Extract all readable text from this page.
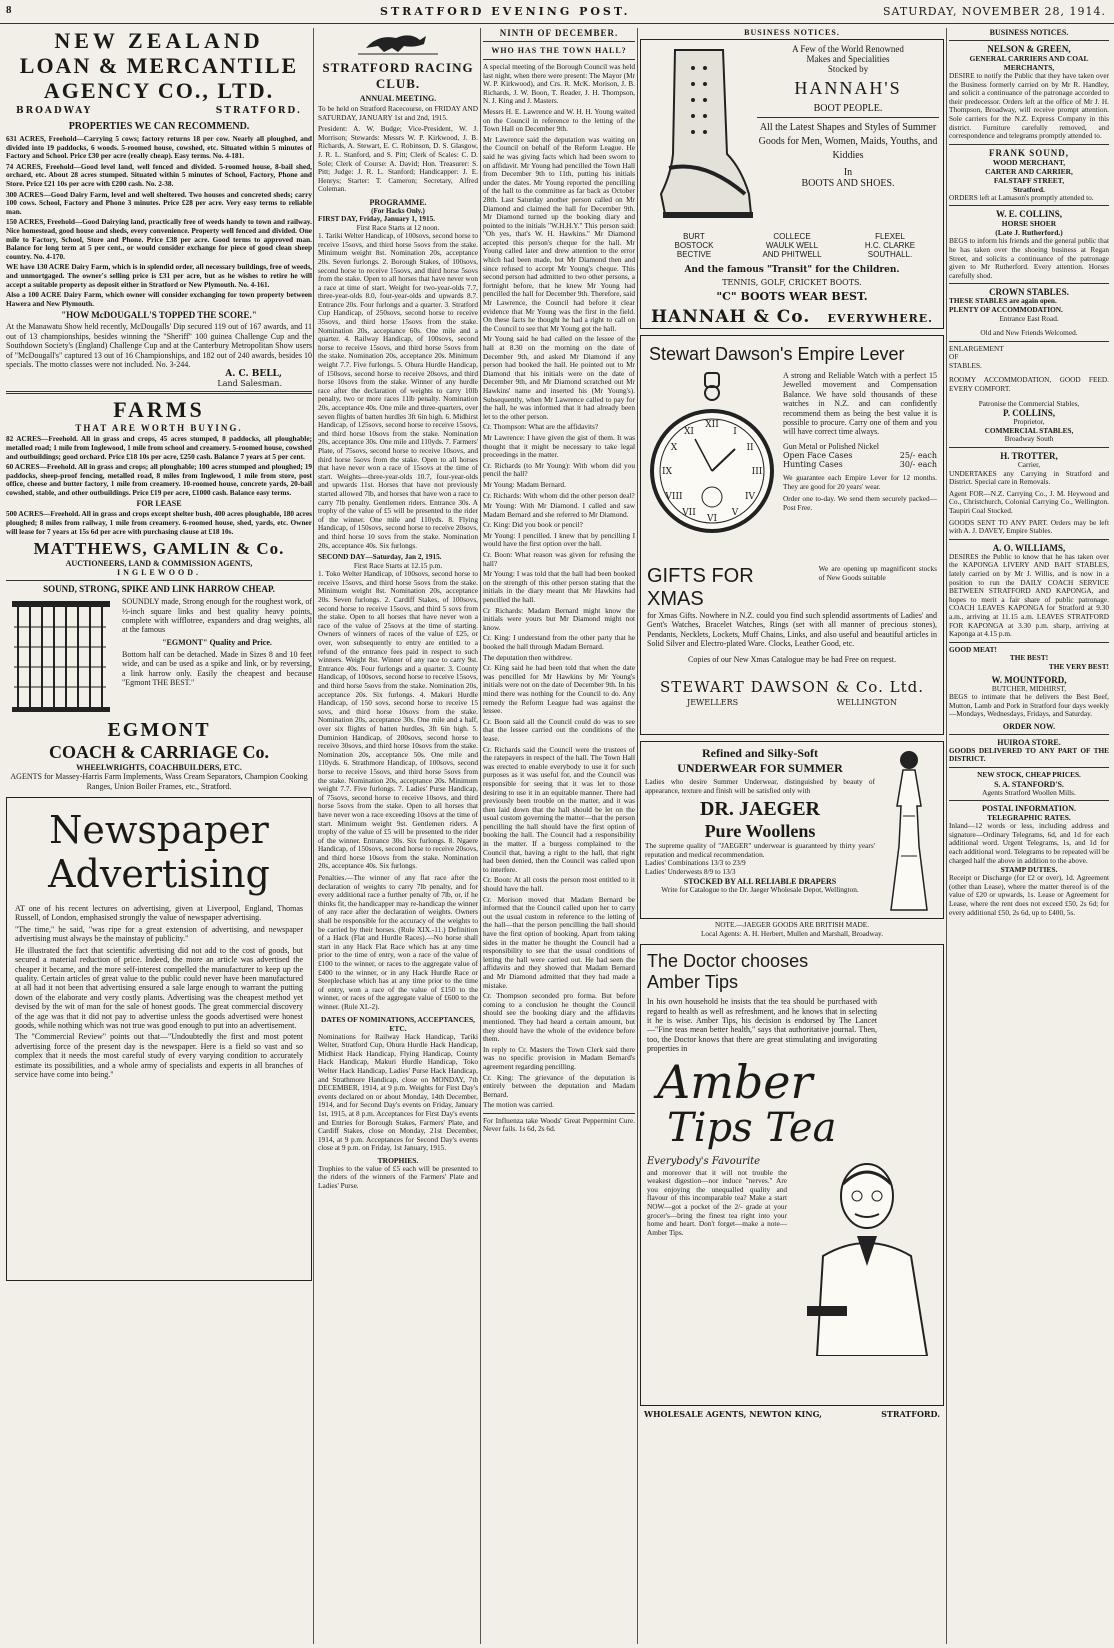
8	STRATFORD EVENING POST.	SATURDAY, NOVEMBER 28, 1914.
NEW ZEALAND
LOAN & MERCANTILE
AGENCY CO., LTD.
BROADWAY	STRATFORD.
PROPERTIES WE CAN RECOMMEND.

631 ACRES, Freehold—Carrying 5 cows; factory returns 18 per cow. Nearly all ploughed, and divided into 19 paddocks, 6 woods. 5-roomed house, cowshed, etc. Situated within 5 minutes of Factory and School. Price £30 per acre (really cheap). Easy terms. No. 4-181.

74 ACRES, Freehold—Good level land, well fenced and divided. 5-roomed house, 8-bail shed, orchard, etc. About 28 acres stumped. Situated within 5 minutes of School, Factory, Phone and Store. Price £21 10s per acre with £200 cash. No. 2-38.

300 ACRES—Good Dairy Farm, level and well sheltered. Two houses and concreted sheds; carry 100 cows. School, Factory and Phone 3 minutes. Price £28 per acre. Very easy terms to reliable man.

150 ACRES, Freehold—Good Dairying land, practically free of weeds handy to town and railway. Nice homestead, good house and sheds, every convenience. Property well fenced and divided. One mile to Factory, School, Store and Phone. Price £38 per acre. Good terms to approved man. Balance for long term at 5 per cent., or would consider exchange for piece of good clean sheep country. No. 4-170.

WE have 130 ACRE Dairy Farm, which is in splendid order, all necessary buildings, free of weeds, and unmortgaged. The owner's selling price is £31 per acre, but as he wishes to retire he will accept a suitable property as deposit either in Stratford or New Plymouth. No. 4-161.

Also a 100 ACRE Dairy Farm, which owner will consider exchanging for town property between Hawera and New Plymouth.

"HOW McDOUGALL'S TOPPED THE SCORE."

At the Manawatu Show held recently, McDougalls' Dip secured 119 out of 167 awards, and 11 out of 13 championships, besides winning the "Sheriff" 100 guinea Challenge Cup and the Southdown Society's (England) Challenge Cup and at the Canterbury Metropolitan Show users of "McDougall's" captured 13 out of 16 Championships, and 182 out of 240 awards, besides 10 specials. The motto classes were not included. No. 3-244.

A. C. BELL,
Land Salesman.
FARMS
THAT ARE WORTH BUYING.

82 ACRES—Freehold. All in grass and crops, 45 acres stumped, 8 paddocks, all ploughable; metalled road; 1 mile from Inglewood, 1 mile from school and creamery. 5-roomed house, cowshed and outbuildings; good orchard. Price £18 10s per acre, £250 cash. Balance 7 years at 5 per cent.

60 ACRES—Freehold. All in grass and crops; all ploughable; 100 acres stumped and ploughed; 19 paddocks, sheep-proof fencing, metalled road, 8 miles from Inglewood, 1 mile from store, post office, cheese and butter factory, 1 mile from creamery. 10-roomed house, concrete yards, 20-bail cowshed, stable, and other outbuildings. Price £19 per acre, £1000 cash. Balance easy terms.

FOR LEASE

500 ACRES—Freehold. All in grass and crops except shelter bush, 400 acres ploughable, 180 acres ploughed; 8 miles from railway, 1 mile from creamery. 6-roomed house, shed, yards, etc. Owner will lease for 7 years at 15s 6d per acre with purchasing clause at £18 10s.

MATTHEWS, GAMLIN & Co.
AUCTIONEERS, LAND & COMMISSION AGENTS,
INGLEWOOD.
SOUND, STRONG, SPIKE AND LINK HARROW CHEAP.

SOUNDLY made, Strong enough for the roughest work, of ½-inch square links and best quality heavy points, complete with wifflotree, expanders and drag weights, all at the famous

"EGMONT" Quality and Price.

Bottom half can be detached. Made in Sizes 8 and 10 feet wide, and can be used as a spike and link, or by reversing, a link harrow only. Easily the cheapest and because "Egmont THE BEST."

EGMONT
COACH & CARRIAGE Co.
WHEELWRIGHTS, COACHBUILDERS, ETC.

AGENTS for Massey-Harris Farm Implements, Wass Cream Separators, Champion Cooking Ranges, Union Boiler Frames, etc., Stratford.

Newspaper
Advertising

AT one of his recent lectures on advertising, given at Liverpool, England, Thomas Russell, of London, emphasised strongly the value of newspaper advertising.

"The time," he said, "was ripe for a great extension of advertising, and newspaper advertising must always be the mainstay of publicity."

He illustrated the fact that scientific advertising did not add to the cost of goods, but secured a material reduction of price. Indeed, the more an article was advertised the cheaper it became, and the more self-interest compelled the manufacturer to keep up the quality. Certain articles of great value to the public could never have been manufactured at all had it not been that advertising ensured a sale large enough to warrant the putting down of the elaborate and very costly plants. Advertising was the cheapest method yet devised by the wit of man for the sale of honest goods. The great commercial discovery of the age was that it did not pay to advertise unless the goods advertised were honest goods, while nothing which was not true was good enough to put into an advertisement.

The "Commercial Review" points out that—"Undoubtedly the first and most potent advertising force of the present day is the newspaper. Here is a field so vast and so complex that it needs the most careful study of every varying condition to accurately estimate its possibilities, and a whole army of specialists and experts in all branches of service have come into being."

STRATFORD RACING CLUB.
ANNUAL MEETING.

To be held on Stratford Racecourse, on FRIDAY AND SATURDAY, JANUARY 1st and 2nd, 1915.

President: A. W. Budge; Vice-President, W. J. Morrison; Stewards: Messrs W. P. Kirkwood, J. B. Richards, A. Stewart, E. C. Robinson, D. S. Glasgow, J. R. L. Stanford, and S. Pitt; Clerk of Scales: C. D. Sole; Clerk of Course: A. David; Hon. Treasurer: S. Pitt; Judge: J. R. L. Stanford; Handicapper: J. E. Henrys; Starter: T. Cameron; Secretary, Alfred Coleman.

PROGRAMME.
(For Hacks Only.)

FIRST DAY, Friday, January 1, 1915.

First Race Starts at 12 noon.

1. Tariki Welter Handicap, of 100sovs, second horse to receive 15sovs, and third horse 5sovs from the stake. Minimum weight 8st. Nomination 20s, acceptance 20s. Seven furlongs. 2. Borough Stakes, of 100sovs, second horse to receive 15sovs, and third horse 5sovs from the stake. Open to all horses that have never won a race at time of start. Weight for two-year-olds 7.7, three-year-olds 8.0, four-year-olds and upwards 8.7. Entrance 20s. Four furlongs and a quarter. 3. Stratford Cup Handicap, of 250sovs, second horse to receive 35sovs, and third horse 15sovs from the stake. Nomination 20s, acceptance 60s. One mile and a quarter. 4. Railway Handicap, of 100sovs, second horse to receive 15sovs, and third horse 5sovs from the stake. Nomination 20s, acceptance 20s. Minimum weight 7.7. Five furlongs. 5. Ohura Hurdle Handicap, of 150sovs, second horse to receive 20sovs, and third horse 10sovs from the stake. Winner of any hurdle race after the declaration of weights to carry 10lb penalty, two or more races 11lb penalty. Nomination 20s, acceptance 40s. One mile and three-quarters, over seven flights of batten hurdles 3ft 6in high. 6. Midhirst Handicap, of 125sovs, second horse to receive 15sovs, and third horse 10sovs from the stake. Nomination 20s, acceptance 30s. One mile and 110yds. 7. Farmers' Plate, of 75sovs, second horse to receive 10sovs, and third horse 5sovs from the stake. Open to all horses that have never won a race of 15sovs at the time of start. Weights—three-year-olds 10.7, four-year-olds and upwards 11st. Horses that have not previously started allowed 7lb, and horses that have won a race to carry 7lb penalty. Gentlemen riders. Entrance 30s. A trophy of the value of £5 will be presented to the rider of the winner. One mile and 110yds. 8. Flying Handicap, of 150sovs, second horse to receive 20sovs, and third horse 10 sovs from the stake. Nomination 20s, acceptance 40s. Six furlongs.

SECOND DAY—Saturday, Jan 2, 1915.

First Race Starts at 12.15 p.m.

1. Toko Welter Handicap, of 100sovs, second horse to receive 15sovs, and third horse 5sovs from the stake. Minimum weight 8st. Nomination 20s, acceptance 20s. Seven furlongs. 2. Cardiff Stakes, of 100sovs, second horse to receive 15sovs, and third 5 sovs from the stake. Open to all horses that have never won a race of the value of 25sovs at the time of starting. Owners of winners of races of the value of £25, or over, won subsequently to entry are entitled to a refund of the entrance fees paid in respect to such winners. Weight 8st. Winner of any race to carry 9st. Entrance 40s. Four furlongs and a quarter. 3. County Handicap, of 100sovs, second horse to receive 15sovs, and third horse 5sovs from the stake. Nomination 20s, acceptance 20s. Six furlongs. 4. Makuri Hurdle Handicap, of 150 sovs, second horse to receive 15 sovs, and third horse 10sovs from the stake. Nomination 20s, acceptance 30s. One mile and a half, over six flights of batten hurdles, 3ft 6in high. 5. Duminion Handicap, of 200sovs, second horse to receive 30sovs, and third horse 10sovs from the stake. Nomination 20s, acceptance 50s. One mile and 110yds. 6. Strathmore Handicap, of 100sovs, second horse to receive 15sovs, and third horse 5sovs from the stake. Nomination 20s, acceptance 20s. Minimum weight 7.7. Five furlongs. 7. Ladies' Purse Handicap, of 75sovs, second horse to receive 10sovs, and third horse 5sovs from the stake. Open to all horses that have never won a race exceeding 10sovs at the time of start. Minimum weight 9st. Gentlemen riders. A trophy of the value of £5 will be presented to the rider of the winner. Entrance 30s. Six furlongs. 8. Ngaere Handicap, of 150sovs, second horse to receive 20sovs, and third horse 10sovs from the stake. Nomination 20s, acceptance 40s. Six furlongs.

Penalties.—The winner of any flat race after the declaration of weights to carry 7lb penalty, and for every additional race a further penalty of 7lb, or, if he thinks fit, the handicapper may re-handicap the winner of any race after the declaration of weights. Owners shall be responsible for the accuracy of the weights to be carried by their horses. (Rule XIX.-11.) Definition of a Hack (Flat and Hurdle Races).—No horse shall start in any Hack Flat Race which has at any time prior to the time of entry, won a race of the value of £100 to the winner, or races to the aggregate value of £400 to the winner, or in any Hack Hurdle Race or Steeplechase which has at any time prior to the time of entry, won a race of the value of £150 to the winner, or races of the aggregate value of £600 to the winner. (Rule XI.-2).

DATES OF NOMINATIONS, ACCEPTANCES, ETC.

Nominations for Railway Hack Handicap, Tariki Welter, Stratford Cup, Ohura Hurdle Hack Handicap, Midhirst Hack Handicap, Flying Handicap, County Hack Handicap, Makuri Hurdle Handicap, Toko Welter Hack Handicap, Ladies' Purse Hack Handicap, and Strathmore Handicap, close on MONDAY, 7th DECEMBER, 1914, at 9 p.m. Weights for First Day's events declared on or about Monday, 14th December, 1914, and for Second Day's events on Friday, January 1st, 1915, at 8 p.m. Acceptances for First Day's events and Entries for Borough Stakes, Farmers' Plate, and Cardiff Stakes, close on Monday, 21st December, 1914, at 9 p.m. Acceptances for Second Day's events close at 9 p.m. on Friday, 1st January, 1915.

TROPHIES.

Trophies to the value of £5 each will be presented to the riders of the winners of the Farmers' Plate and Ladies' Purse.

NINTH OF DECEMBER.
WHO HAS THE TOWN HALL?

A special meeting of the Borough Council was held last night, when there were present: The Mayor (Mr W. P. Kirkwood), and Crs. R. McK. Morison, J. B. Richards, J. W. Boon, T. Reader, J. H. Thompson, N. J. King and J. Masters.

Messrs H. E. Lawrence and W. H. H. Young waited on the Council in reference to the letting of the Town Hall on December 9th.

Mr Lawrence said the deputation was waiting on the Council on behalf of the Reform League. He said he was giving facts which had been sworn to on affidavit. Mr Young had pencilled the Town Hall from December 9th to 11th, putting his initials under the dates. Mr Young reported the pencilling of the hall to the committee as far back as October 28th. Last Saturday another person called on Mr Diamond and claimed the hall for December 9th. Mr Diamond turned up the booking diary and pointed to the initials "W.H.H.Y." This person said: "Oh yes, that's W. H. Hawkins." Mr Diamond accepted this person's cheque for the hall. Mr Young called later and drew attention to the error which had been made, but Mr Diamond then and since refused to accept Mr Young's cheque. This second person had admitted to two other persons, a fortnight before, that he knew Mr Young had pencilled the hall for December 9th. Therefore, said Mr Lawrence, the Council had before it clear evidence that Mr Young was the first in the field. On these facts he thought he had a right to call on the Council to see that Mr Young got the hall.

Mr Young said he had called on the lessee of the hall at 8.30 on the morning on the date of December 9th, and asked Mr Diamond if any person had booked the hall. He pointed out to Mr Diamond that his initials were on the date of December 9th, and Mr Diamond scratched out Mr Hawkins' name and inserted his (Mr Young's). Subsequently, when Mr Lawrence called to pay for the hall, he was informed that it had already been let to the other person.

Cr. Thompson: What are the affidavits?

Mr Lawrence: I have given the gist of them. It was thought that it might be necessary to take legal proceedings in the matter.

Cr. Richards (to Mr Young): With whom did you pencil the hall?

Mr Young: Madam Bernard.

Cr. Richards: With whom did the other person deal?

Mr Young: With Mr Diamond. I called and saw Madam Bernard and she referred to Mr Diamond.

Cr. King: Did you book or pencil?

Mr Young: I pencilled. I knew that by pencilling I would have the first option over the hall.

Cr. Boon: What reason was given for refusing the hall?

Mr Young: I was told that the hall had been booked on the strength of this other person stating that the initials in the diary meant that Mr Hawkins had pencilled the hall.

Cr Richards: Madam Bernard might know the initials were yours but Mr Diamond might not know.

Cr. King: I understand from the other party that he booked the hall through Madam Bernard.

The deputation then withdrew.

Cr. King said he had been told that when the date was pencilled for Mr Hawkins by Mr Young's initials were not on the date of December 9th. In his mind there was nothing for the Council to do. Any remedy the Reform League had was against the lessee.

Cr. Boon said all the Council could do was to see that the lessee carried out the conditions of the lease.

Cr. Richards said the Council were the trustees of the ratepayers in respect of the hall. The Town Hall was erected to enable everybody to use it for such purposes as it was useful for, and the Council was responsible for seeing that it was let to those desiring to use it in an equitable manner. There had previously been trouble on the matter, and it was then laid down that the hall should be let on the usual custom governing the matter—that the person pencilling the hall should have the first option of booking the hall. The Council had a responsibility in the matter. If a burgess complained to the Council that, having a right to the hall, that right had been denied, then the Council was called upon to interfere.

Cr. Boon: At all costs the person most entitled to it should have the hall.

Cr. Morison moved that Madam Bernard be informed that the Council called upon her to carry out the usual custom in reference to the letting of the hall—that the person pencilling the hall should have the first option of booking. Apart from taking sides in the matter he thought the Council had a responsibility to see that the usual conditions of letting the hall were carried out. He had seen the affidavits and they showed that Madam Bernard and Mr Diamond admitted that they had made a mistake.

Cr. Thompson seconded pro forma. But before coming to a conclusion he thought the Council should see the booking diary and the affidavits mentioned. They had heard a certain amount, but they should have the whole of the evidence before them.

In reply to Cr. Masters the Town Clerk said there was no specific provision in Madam Bernard's agreement regarding pencilling.

Cr. King: The grievance of the deputation is entirely between the deputation and Madam Bernard.

The motion was carried.

For Influenza take Woods' Great Peppermint Cure. Never fails. 1s 6d, 2s 6d.

BUSINESS NOTICES.
A Few of the World Renowned
Makes and Specialities
Stocked by
HANNAH'S
BOOT PEOPLE.
All the Latest Shapes and Styles of Summer Goods for Men, Women, Maids, Youths, and Kiddies
In
BOOTS AND SHOES.
BURT	COLLECE	FLEXEL
BOSTOCK	WAULK WELL	H.C. CLARKE
BECTIVE	AND PHITWELL	SOUTHALL.
And the famous "Transit" for the Children.
TENNIS, GOLF, CRICKET BOOTS.
"C" BOOTS WEAR BEST.
HANNAH & Co. EVERYWHERE.
Stewart Dawson's Empire Lever
XII
III
VI
IX
I
II
IV
V
VII
VIII
X
XI

A strong and Reliable Watch with a perfect 15 Jewelled movement and Compensation Balance. We have sold thousands of these watches in N.Z. and can confidently recommend them as being the best value it is possible to procure. Carry one of them and you will have correct time always.

Gun Metal or Polished Nickel

Open Face Cases	25/- each
Hunting Cases	30/- each

We guarantee each Empire Lever for 12 months. They are good for 20 years' wear.

Order one to-day. We send them securely packed—Post Free.

GIFTS FOR XMAS

We are opening up magnificent stocks of New Goods suitable

for Xmas Gifts. Nowhere in N.Z. could you find such splendid assortments of Ladies' and Gent's Watches, Bracelet Watches, Rings (set with all manner of precious stones), Pendants, Necklets, Lockets, Muff Chains, Links, and also useful and beautiful articles in Solid Silver and Electro-plated Ware. Clocks, Leather Good, etc.

Copies of our New Xmas Catalogue may be had Free on request.

STEWART DAWSON & Co. Ltd.
JEWELLERS	WELLINGTON
Refined and Silky-Soft
UNDERWEAR FOR SUMMER

Ladies who desire Summer Underwear, distinguished by beauty of appearance, texture and finish will be satisfied only with

DR. JAEGER
Pure Woollens

The supreme quality of "JAEGER" underwear is guaranteed by thirty years' reputation and medical recommendation.

Ladies' Combinations 13/3 to 23/9

Ladies' Underwests 8/9 to 13/3

STOCKED BY ALL RELIABLE DRAPERS

Write for Catalogue to the Dr. Jaeger Wholesale Depot, Wellington.

NOTE.—JAEGER GOODS ARE BRITISH MADE.

Local Agents: A. H. Herbert, Mullen and Marshall, Broadway.

The Doctor chooses
Amber Tips

In his own household he insists that the tea should be purchased with regard to health as well as refreshment, and he knows that in selecting it he is wise. Amber Tips, his decision is endorsed by The Lancet—"Fine teas mean better health," says that authoritative journal. Then, too, the Doctor knows that there are great stimulating and invigorating properties in

Amber
Tips Tea
Everybody's Favourite

and moreover that it will not trouble the weakest digestion—nor induce "nerves." Are you enjoying the unequalled quality and flavour of this incomparable tea? Make a start NOW—got a pocket of the 2/- grade at your grocer's—bring the finest tea right into your home and heart. Don't forget—make a note—Amber Tips.

WHOLESALE AGENTS, NEWTON KING,	STRATFORD.
BUSINESS NOTICES.
NELSON & GREEN,
GENERAL CARRIERS AND COAL MERCHANTS,

DESIRE to notify the Public that they have taken over the Business formerly carried on by Mr R. Handley, and solicit a continuance of the patronage accorded to their predecessor. Orders left at the office of Mr J. H. Thompson, Broadway, will receive prompt attention. Sole carriers for the N.Z. Express Company in this district. Furniture carefully removed, and correspondence and telegrams promptly attended to.

FRANK SOUND,
WOOD MERCHANT,
CARTER AND CARRIER,
FALSTAFF STREET,
Stratford.

ORDERS left at Lamason's promptly attended to.

W. E. COLLINS,
HORSE SHOER
(Late J. Rutherford.)

BEGS to inform his friends and the general public that he has taken over the shoeing business at Regan Street, and solicits a continuance of the patronage given to Mr Rutherford. Every attention. Horses carefully shod.

CROWN STABLES.

THESE STABLES are again open.

PLENTY OF ACCOMMODATION.

Entrance East Road.

Old and New Friends Welcomed.

ENLARGEMENT

OF

STABLES.

ROOMY ACCOMMODATION, GOOD FEED. EVERY COMFORT.

Patronise the Commercial Stables,

P. COLLINS,

Proprietor,

COMMERCIAL STABLES,

Broadway South

H. TROTTER,

Carrier,

UNDERTAKES any Carrying in Stratford and District. Special care in Removals.

Agent FOR—N.Z. Carrying Co., J. M. Heywood and Co., Christchurch, Colonial Carrying Co., Wellington. Taupiri Coal Stocked.

GOODS SENT TO ANY PART. Orders may be left with A. J. DAVEY, Empire Stables.

A. O. WILLIAMS,

DESIRES the Public to know that he has taken over the KAPONGA LIVERY AND BAIT STABLES, lately carried on by Mr J. Willis, and is now in a position to run the DAILY COACH SERVICE BETWEEN STRATFORD AND KAPONGA, and hopes to merit a fair share of public patronage. COACH LEAVES KAPONGA for Stratford at 9.30 a.m., arriving at 11.15 a.m. LEAVES STRATFORD FOR KAPONGA at 3.30 p.m. sharp, arriving at Kaponga at 4.15 p.m.

GOOD MEAT!

THE BEST!

THE VERY BEST!

W. MOUNTFORD,

BUTCHER, MIDHIRST,

BEGS to intimate that he delivers the Best Beef, Mutton, Lamb and Pork in Stratford four days weekly—Mondays, Wednesdays, Fridays, and Saturday.

ORDER NOW.
HUIROA STORE.

GOODS DELIVERED TO ANY PART OF THE DISTRICT.

NEW STOCK, CHEAP PRICES.

S. A. STANFORD'S.

Agents Stratford Woollen Mills.

POSTAL INFORMATION.
TELEGRAPHIC RATES.

Inland—12 words or less, including address and signature—Ordinary Telegrams, 6d, and 1d for each additional word. Urgent Telegrams, 1s, and 1d for each additional word. Telegrams to be repeated will be charged half the above in addition to the above.

STAMP DUTIES.

Receipt or Discharge (for £2 or over), 1d. Agreement (other than Lease), where the matter thereof is of the value of £20 or upwards, 1s. Lease or Agreement for Lease, where the rent does not exceed £50, 2s 6d; for every additional £50, 2s 6d, up to £400, 5s.
